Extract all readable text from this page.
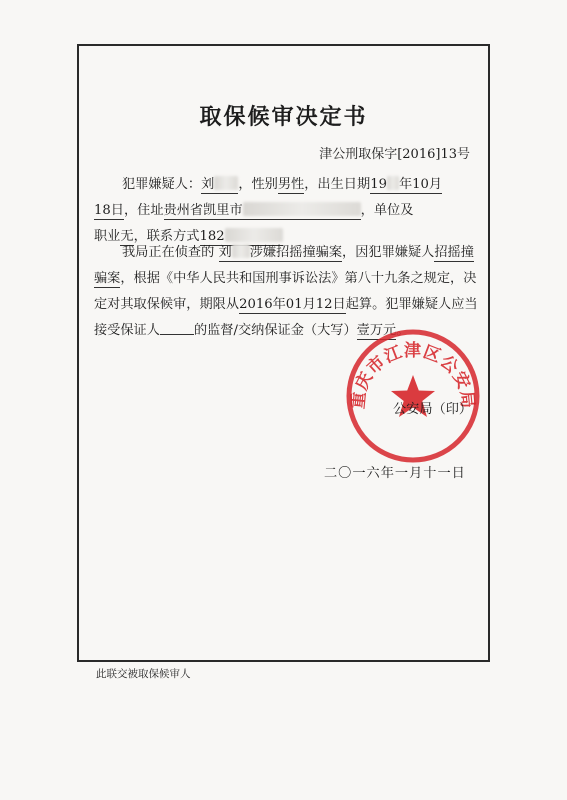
取保候审决定书
津公刑取保字[2016]13号
犯罪嫌疑人：刘 ，性别男性，出生日期19 年10月
18日，住址贵州省凯里市	，单位及
职业无，联系方式182
我局正在侦查的 刘 涉嫌招摇撞骗案，因犯罪嫌疑人招摇撞骗案，根据《中华人民共和国刑事诉讼法》第八十九条之规定，决定对其取保候审，期限从2016年01月12日起算。犯罪嫌疑人应当接受保证人	的监督/交纳保证金（大写）壹万元。
重庆市江津区公安局
公安局（印）
二〇一六年一月十一日
此联交被取保候审人
